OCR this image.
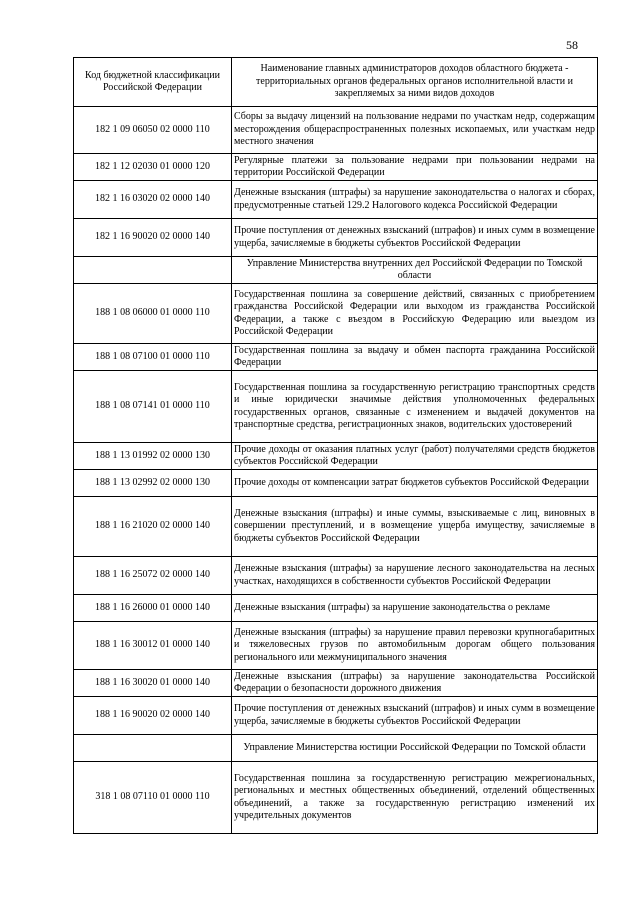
58
Код бюджетной классификации Российской Федерации	Наименование главных администраторов доходов областного бюджета - территориальных органов федеральных органов исполнительной власти и закрепляемых за ними видов доходов
182 1 09 06050 02 0000 110	Сборы за выдачу лицензий на пользование недрами по участкам недр, содержащим месторождения общераспространенных полезных ископаемых, или участкам недр местного значения
182 1 12 02030 01 0000 120	Регулярные платежи за пользование недрами при пользовании недрами на территории Российской Федерации
182 1 16 03020 02 0000 140	Денежные взыскания (штрафы) за нарушение законодательства о налогах и сборах, предусмотренные статьей 129.2 Налогового кодекса Российской Федерации
182 1 16 90020 02 0000 140	Прочие поступления от денежных взысканий (штрафов) и иных сумм в возмещение ущерба, зачисляемые в бюджеты субъектов Российской Федерации
	Управление Министерства внутренних дел Российской Федерации по Томской области
188 1 08 06000 01 0000 110	Государственная пошлина за совершение действий, связанных с приобретением гражданства Российской Федерации или выходом из гражданства Российской Федерации, а также с въездом в Российскую Федерацию или выездом из Российской Федерации
188 1 08 07100 01 0000 110	Государственная пошлина за выдачу и обмен паспорта гражданина Российской Федерации
188 1 08 07141 01 0000 110	Государственная пошлина за государственную регистрацию транспортных средств и иные юридически значимые действия уполномоченных федеральных государственных органов, связанные с изменением и выдачей документов на транспортные средства, регистрационных знаков, водительских удостоверений
188 1 13 01992 02 0000 130	Прочие доходы от оказания платных услуг (работ) получателями средств бюджетов субъектов Российской Федерации
188 1 13 02992 02 0000 130	Прочие доходы от компенсации затрат бюджетов субъектов Российской Федерации
188 1 16 21020 02 0000 140	Денежные взыскания (штрафы) и иные суммы, взыскиваемые с лиц, виновных в совершении преступлений, и в возмещение ущерба имуществу, зачисляемые в бюджеты субъектов Российской Федерации
188 1 16 25072 02 0000 140	Денежные взыскания (штрафы) за нарушение лесного законодательства на лесных участках, находящихся в собственности субъектов Российской Федерации
188 1 16 26000 01 0000 140	Денежные взыскания (штрафы) за нарушение законодательства о рекламе
188 1 16 30012 01 0000 140	Денежные взыскания (штрафы) за нарушение правил перевозки крупногабаритных и тяжеловесных грузов по автомобильным дорогам общего пользования регионального или межмуниципального значения
188 1 16 30020 01 0000 140	Денежные взыскания (штрафы) за нарушение законодательства Российской Федерации о безопасности дорожного движения
188 1 16 90020 02 0000 140	Прочие поступления от денежных взысканий (штрафов) и иных сумм в возмещение ущерба, зачисляемые в бюджеты субъектов Российской Федерации
	Управление Министерства юстиции Российской Федерации по Томской области
318 1 08 07110 01 0000 110	Государственная пошлина за государственную регистрацию межрегиональных, региональных и местных общественных объединений, отделений общественных объединений, а также за государственную регистрацию изменений их учредительных документов
